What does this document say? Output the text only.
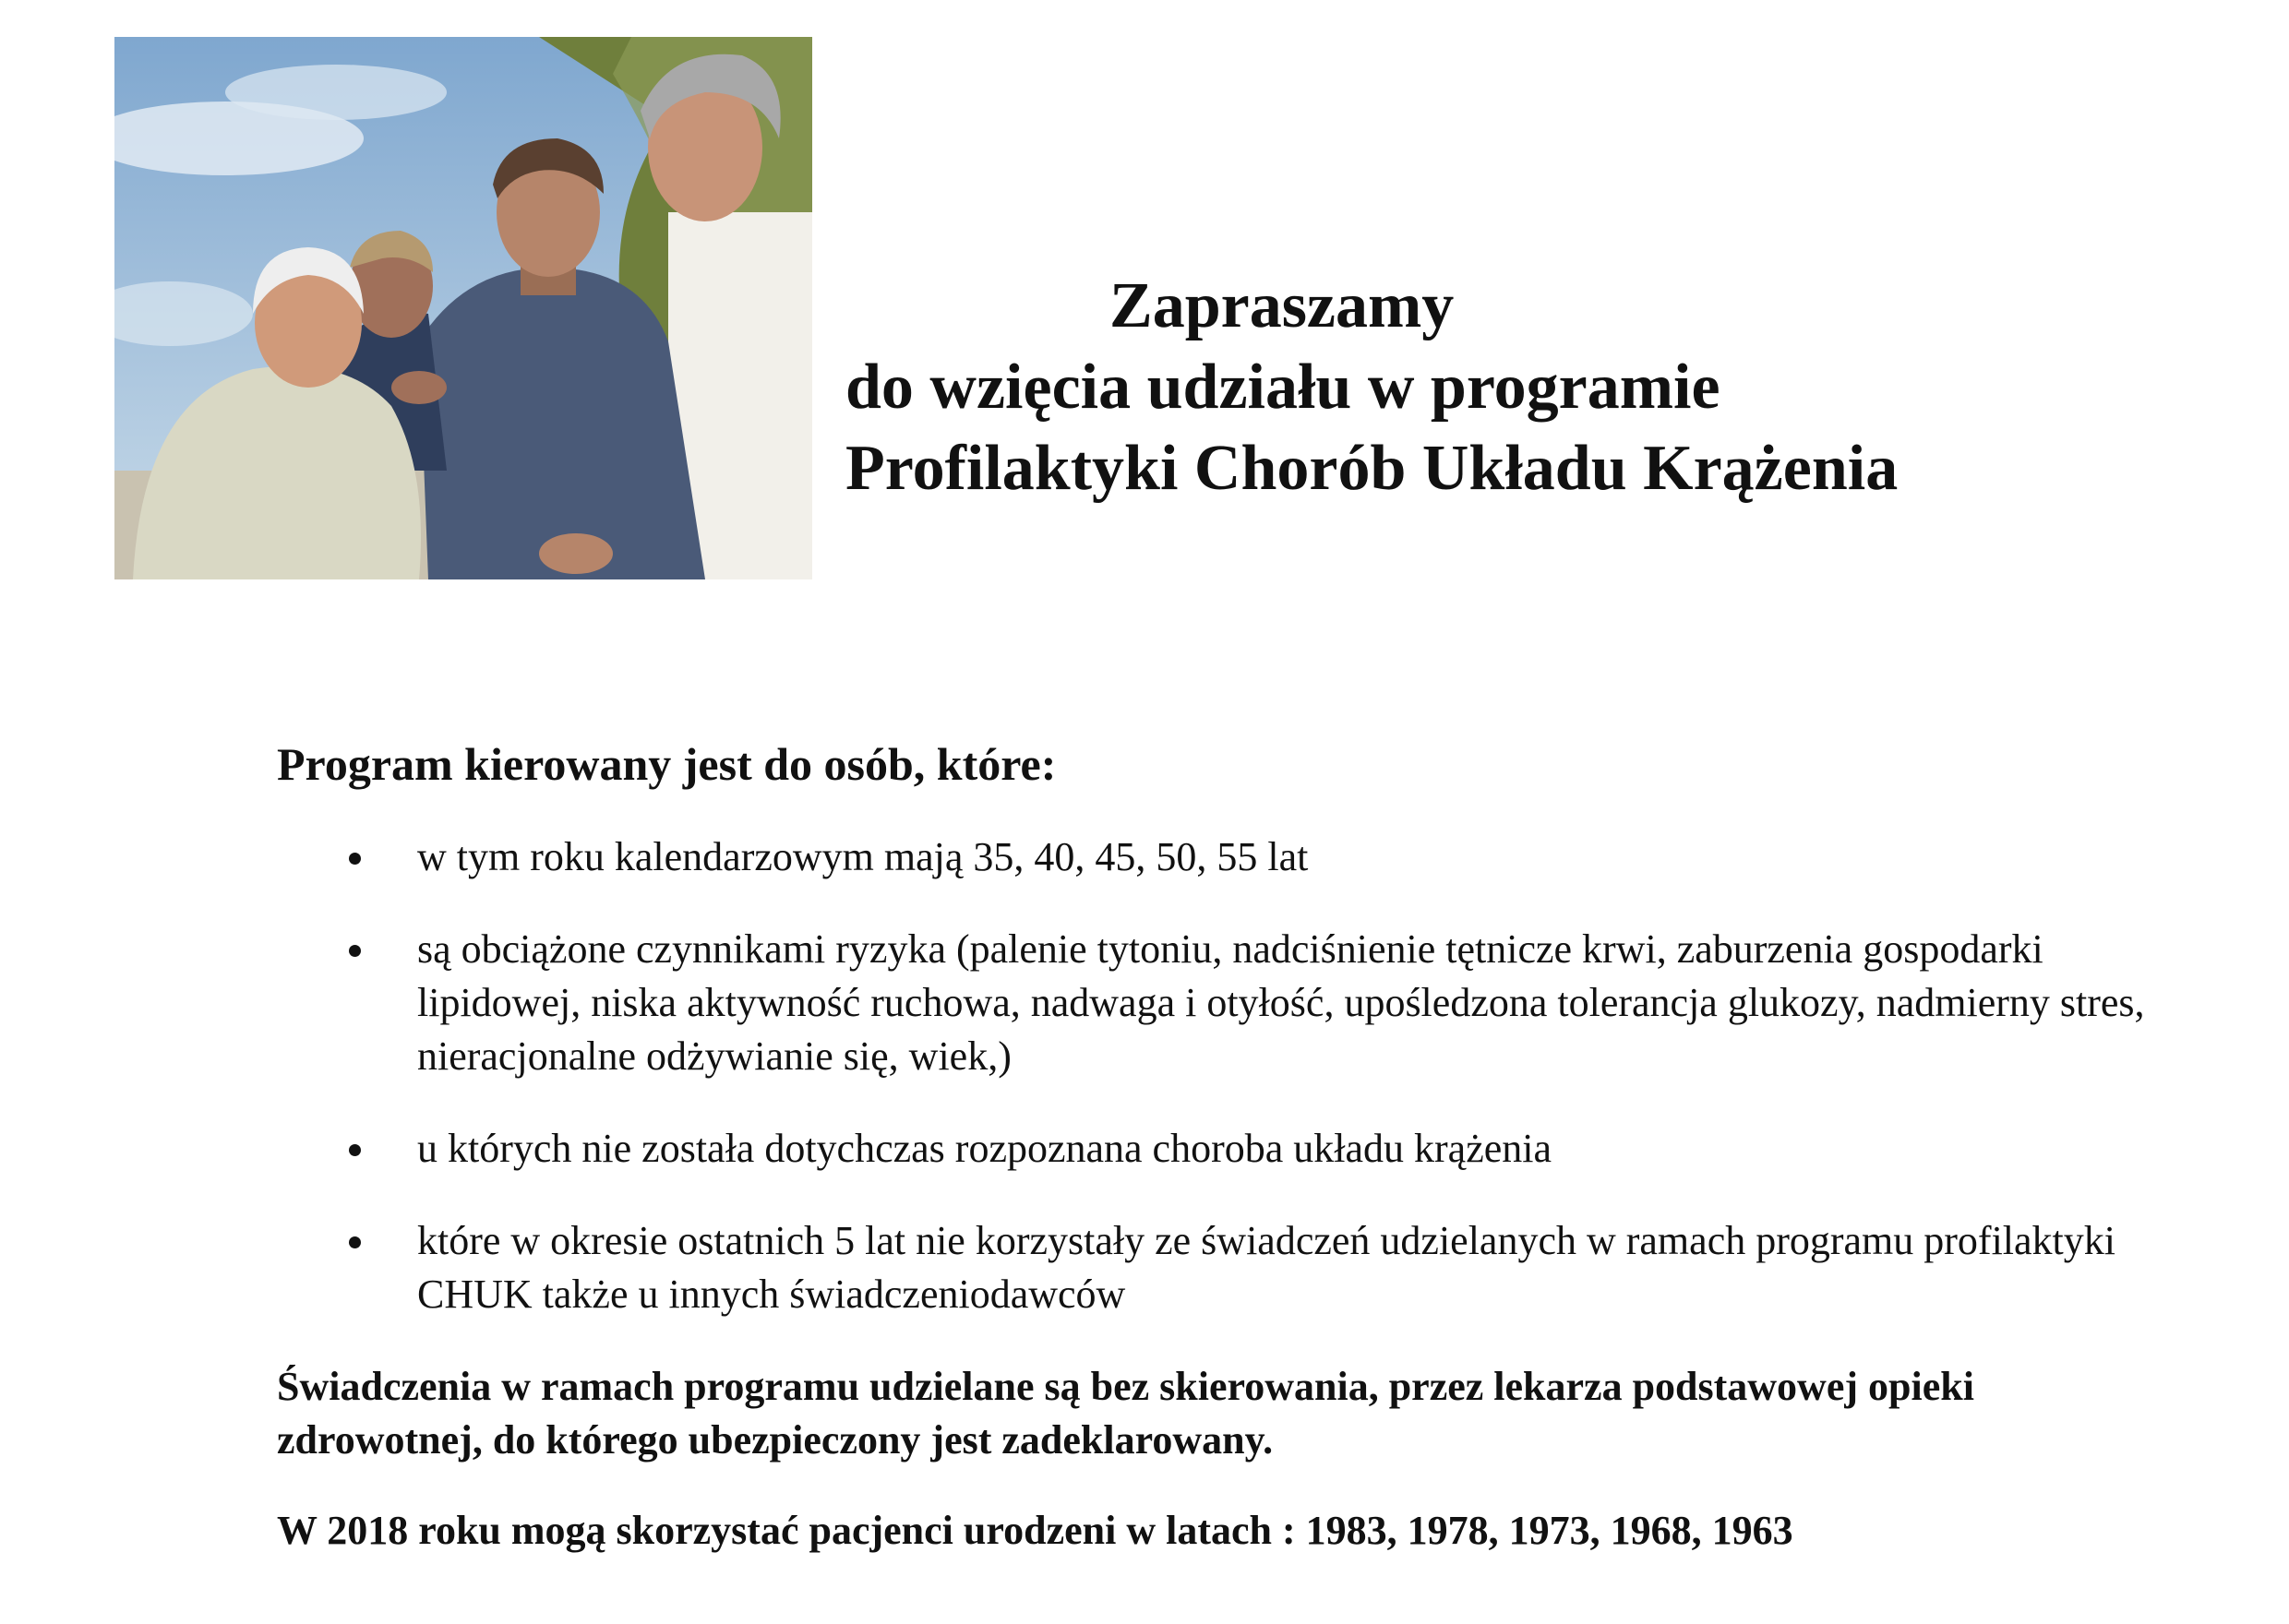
Zapraszamy
do wzięcia udziału w programie
Profilaktyki Chorób Układu Krążenia

Program kierowany jest do osób, które:

w tym roku kalendarzowym mają 35, 40, 45, 50, 55 lat
są obciążone czynnikami ryzyka (palenie tytoniu, nadciśnienie tętnicze krwi, zaburzenia gospodarki lipidowej, niska aktywność ruchowa, nadwaga i otyłość, upośledzona tolerancja glukozy, nadmierny stres, nieracjonalne odżywianie się, wiek,)
u których nie została dotychczas rozpoznana choroba układu krążenia
które w okresie ostatnich 5 lat nie korzystały ze świadczeń udzielanych w ramach programu profilaktyki CHUK także u innych świadczeniodawców

Świadczenia w ramach programu udzielane są bez skierowania, przez lekarza podstawowej opieki zdrowotnej, do którego ubezpieczony jest zadeklarowany.

W 2018 roku mogą skorzystać pacjenci urodzeni w latach : 1983, 1978, 1973, 1968, 1963
